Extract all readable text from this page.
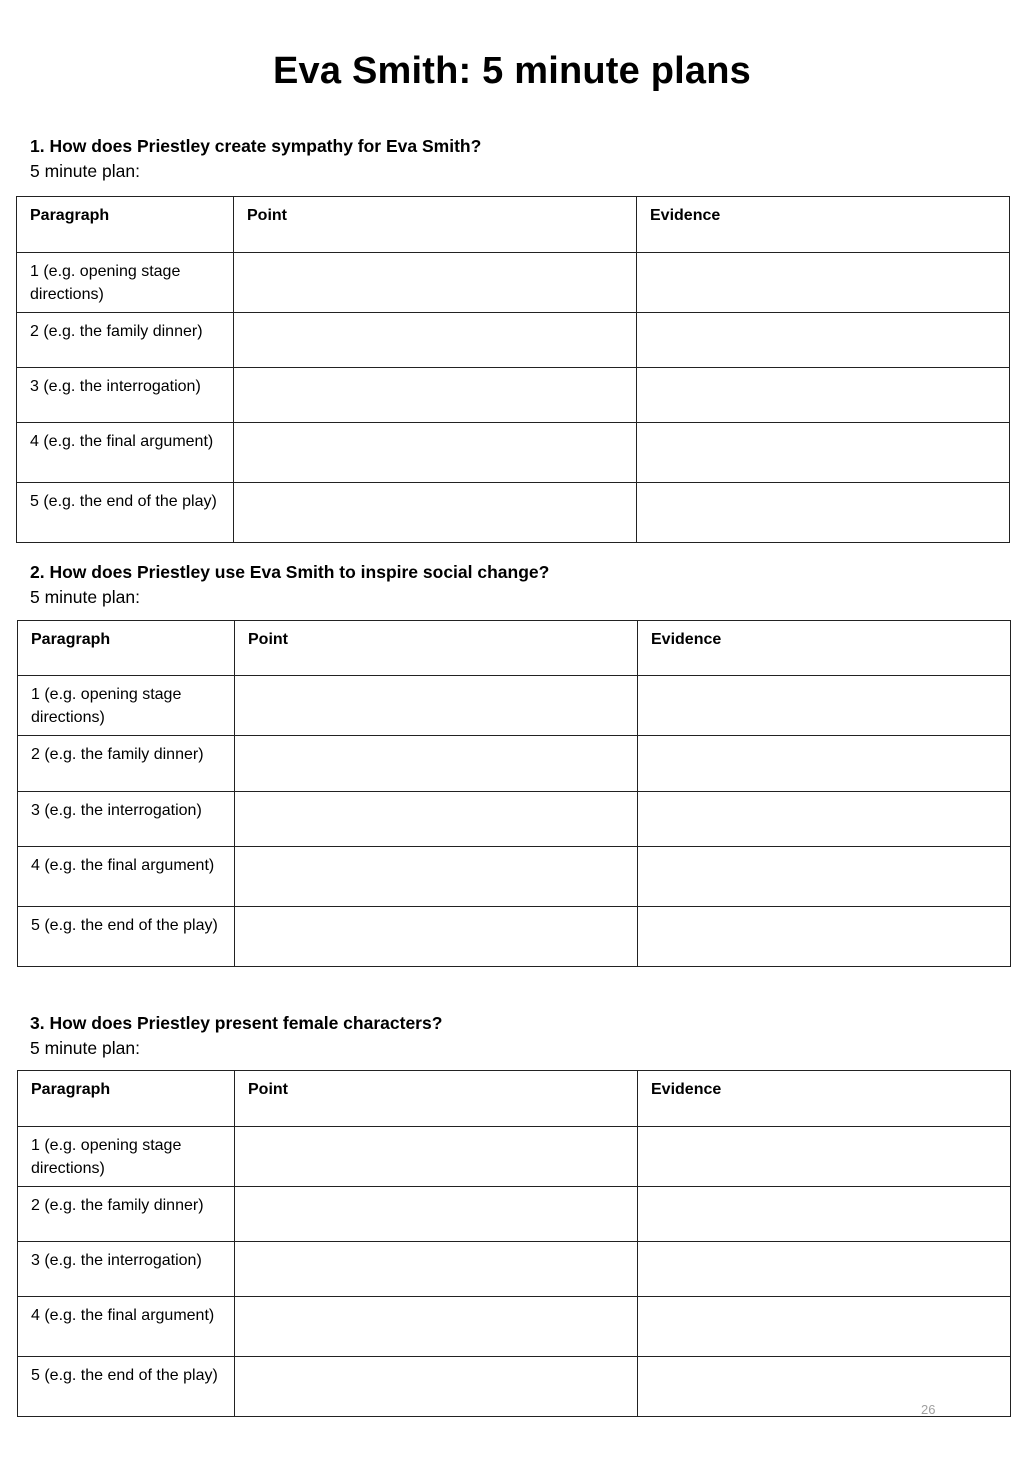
Eva Smith: 5 minute plans
1. How does Priestley create sympathy for Eva Smith?
5 minute plan:
Paragraph	Point	Evidence
1 (e.g. opening stage directions)		
2 (e.g. the family dinner)		
3 (e.g. the interrogation)		
4 (e.g. the final argument)		
5 (e.g. the end of the play)		
2. How does Priestley use Eva Smith to inspire social change?
5 minute plan:
Paragraph	Point	Evidence
1 (e.g. opening stage directions)		
2 (e.g. the family dinner)		
3 (e.g. the interrogation)		
4 (e.g. the final argument)		
5 (e.g. the end of the play)		
3. How does Priestley present female characters?
5 minute plan:
Paragraph	Point	Evidence
1 (e.g. opening stage directions)		
2 (e.g. the family dinner)		
3 (e.g. the interrogation)		
4 (e.g. the final argument)		
5 (e.g. the end of the play)		
26
